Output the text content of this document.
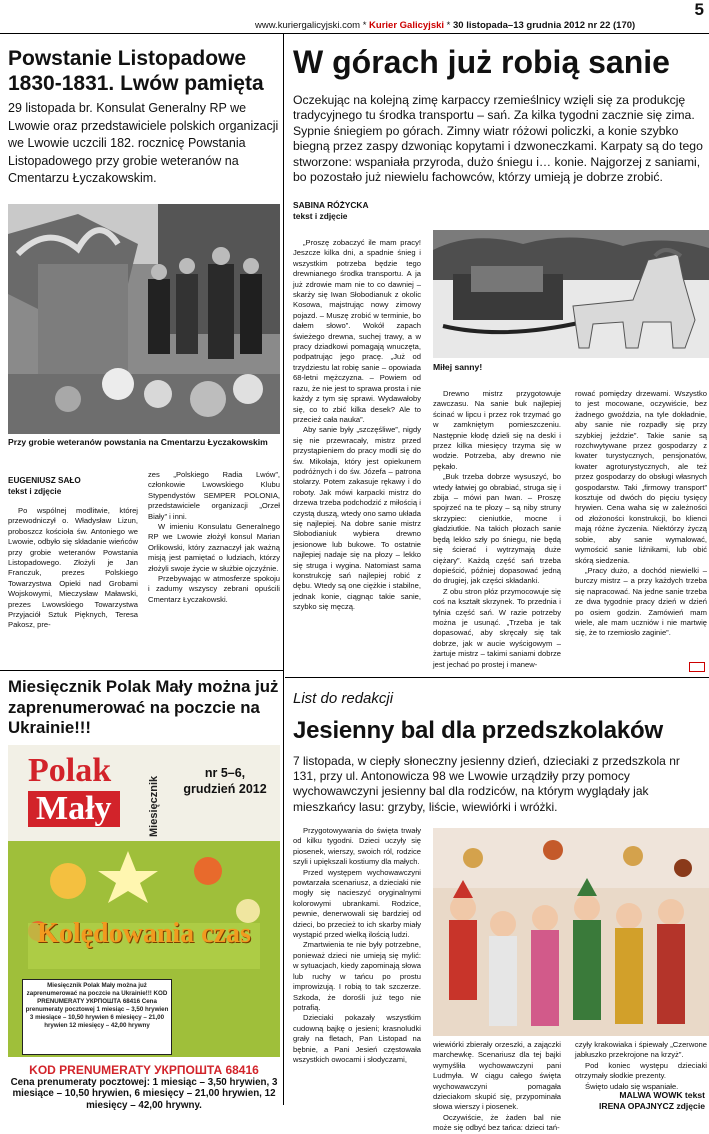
www.kuriergalicyjski.com * Kurier Galicyjski * 30 listopada–13 grudnia 2012 nr 22 (170)
5
Powstanie Listopadowe 1830-1831. Lwów pamięta
29 listopada br. Konsulat Generalny RP we Lwowie oraz przedstawiciele polskich organizacji we Lwowie uczcili 182. rocznicę Powstania Listopadowego przy grobie weteranów na Cmentarzu Łyczakowskim.
Przy grobie weteranów powstania na Cmentarzu Łyczakowskim
EUGENIUSZ SAŁO
tekst i zdjęcie

Po wspólnej modlitwie, której przewodniczył o. Władysław Lizun, proboszcz kościoła św. Antoniego we Lwowie, odbyło się składanie wieńców przy grobie weteranów Powstania Listopadowego. Złożyli je Jan Franczuk, prezes Polskiego Towarzystwa Opieki nad Grobami Wojskowymi, Mieczysław Maławski, prezes Lwowskiego Towarzystwa Przyjaciół Sztuk Pięknych, Teresa Pakosz, pre-

zes „Polskiego Radia Lwów”, członkowie Lwowskiego Klubu Stypendystów SEMPER POLONIA, przedstawiciele organizacji „Orzeł Biały” i inni.

W imieniu Konsulatu Generalnego RP we Lwowie złożył konsul Marian Orlikowski, który zaznaczył jak ważną misją jest pamiętać o ludziach, którzy złożyli swoje życie w służbie ojczyźnie.

Przebywając w atmosferze spokoju i zadumy wszyscy zebrani opuścili Cmentarz Łyczakowski.

Miesięcznik Polak Mały można już zaprenumerować na poczcie na Ukrainie!!!
Polak
Mały	Miesięcznik
nr 5–6, grudzień 2012
Kolędowania czas
Miesięcznik Polak Mały można już zaprenumerować na poczcie na Ukrainie!!! KOD PRENUMERATY УКРПОШТА 68416 Cena prenumeraty pocztowej 1 miesiąc – 3,50 hrywien 3 miesiące – 10,50 hrywien 6 miesięcy – 21,00 hrywien 12 miesięcy – 42,00 hrywny
KOD PRENUMERATY УКРПОШТА 68416
Cena prenumeraty pocztowej: 1 miesiąc – 3,50 hrywien, 3 miesiące – 10,50 hrywien, 6 miesięcy – 21,00 hrywien, 12 miesięcy – 42,00 hrywny.
W górach już robią sanie
Oczekując na kolejną zimę karpaccy rzemieślnicy wzięli się za produkcję tradycyjnego tu środka transportu – sań. Za kilka tygodni zacznie się zima. Sypnie śniegiem po górach. Zimny wiatr różowi policzki, a konie szybko biegną przez zaspy dzwoniąc kopytami i dzwoneczkami. Karpaty są do tego stworzone: wspaniała przyroda, dużo śniegu i… konie. Najgorzej z saniami, bo pozostało już niewielu fachowców, którzy umieją je dobrze zrobić.
SABINA RÓŻYCKA
tekst i zdjęcie

„Proszę zobaczyć ile mam pracy! Jeszcze kilka dni, a spadnie śnieg i wszystkim potrzeba będzie tego drewnianego środka transportu. A ja już zdrowie mam nie to co dawniej – skarży się Iwan Słobodianuk z okolic Kosowa, majstrując nowy zimowy pojazd. – Muszę zrobić w terminie, bo dałem słowo”. Wokół zapach świeżego drewna, suchej trawy, a w pracy dziadkowi pomagają wnuczęta, podpatrując jego pracę. „Już od trzydziestu lat robię sanie – opowiada 68-letni mężczyzna. – Powiem od razu, że nie jest to sprawa prosta i nie każdy z tym się sprawi. Wydawałoby się, co to zbić kilka desek? Ale to przecież cała nauka”.

Aby sanie były „szczęśliwe”, nigdy się nie przewracały, mistrz przed przystąpieniem do pracy modli się do św. Mikołaja, który jest opiekunem podróżnych i do św. Józefa – patrona stolarzy. Potem zakasuje rękawy i do roboty. Jak mówi karpacki mistrz do drzewa trzeba podchodzić z miłością i czystą duszą, wtedy ono samo układa się najlepiej. Na dobre sanie mistrz Słobodianiuk wybiera drewno jesionowe lub bukowe. To ostatnie najlepiej nadaje się na płozy – lekko się struga i wygina. Natomiast sama konstrukcję sań najlepiej robić z dębu. Wtedy są one ciężkie i stabilne, jednak konie, ciągnąc takie sanie, szybko się męczą.

Miłej sanny!

Drewno mistrz przygotowuje zawczasu. Na sanie buk najlepiej ścinać w lipcu i przez rok trzymać go w zamkniętym pomieszczeniu. Następnie kłodę dzieli się na deski i przez kilka miesięcy trzyma się w wodzie. Potrzeba, aby drewno nie pękało.

„Buk trzeba dobrze wysuszyć, bo wtedy łatwiej go obrabiać, struga się i zbija – mówi pan Iwan. – Proszę spojrzeć na te płozy – są niby struny skrzypiec: cieniutkie, mocne i gładziutkie. Na takich płozach sanie będą lekko szły po śniegu, nie będą się ścierać i wytrzymają duże ciężary”. Każdą część sań trzeba dopieścić, później dopasować jedną do drugiej, jak części składanki.

Z obu stron płóz przymocowuje się coś na kształt skrzynek. To przednia i tylnia część sań. W razie potrzeby można je usunąć. „Trzeba je tak dopasować, aby skręcały się tak dobrze, jak w aucie wyścigowym – żartuje mistrz – takimi saniami dobrze jest jechać po prostej i manew-

rować pomiędzy drzewami. Wszystko to jest mocowane, oczywiście, bez żadnego gwoździa, na tyle dokładnie, aby sanie nie rozpadły się przy szybkiej jeździe”. Takie sanie są rozchwytywane przez gospodarzy z kwater turystycznych, pensjonatów, kwater agroturystycznych, ale też przez gospodarzy do obsługi własnych gospodarstw. Taki „firmowy transport” kosztuje od dwóch do pięciu tysięcy hrywien. Cena waha się w zależności od złożoności konstrukcji, bo klienci mają różne życzenia. Niektórzy życzą sobie, aby sanie wymalować, wymościć sanie liźnikami, lub obić skórą siedzenia.

„Pracy dużo, a dochód niewielki – burczy mistrz – a przy każdych trzeba się napracować. Na jedne sanie trzeba ze dwa tygodnie pracy dzień w dzień po osiem godzin. Zamówień mam wiele, ale mam uczniów i nie martwię się, że to rzemiosło zaginie”.

List do redakcji
Jesienny bal dla przedszkolaków
7 listopada, w ciepły słoneczny jesienny dzień, dzieciaki z przedszkola nr 131, przy ul. Antonowicza 98 we Lwowie urządziły przy pomocy wychowawczyni jesienny bal dla rodziców, na którym wyglądały jak mieszkańcy lasu: grzyby, liście, wiewiórki i wróżki.

Przygotowywania do święta trwały od kilku tygodni. Dzieci uczyły się piosenek, wierszy, swoich ról, rodzice szyli i upiększali kostiumy dla małych.

Przed występem wychowawczyni powtarzała scenariusz, a dzieciaki nie mogły się nacieszyć oryginalnymi kolorowymi ubrankami. Rodzice, pewnie, denerwowali się bardziej od dzieci, bo przecież to ich skarby miały wystąpić przed wielką ilością ludzi.

Zmartwienia te nie były potrzebne, ponieważ dzieci nie umieją się mylić: w sytuacjach, kiedy zapominają słowa lub ruchy w tańcu po prostu improwizują. I robią to tak szczerze. Szkoda, że dorośli już tego nie potrafią.

Dzieciaki pokazały wszystkim cudowną bajkę o jesieni; krasnoludki grały na fletach, Pan Listopad na bębnie, a Pani Jesień częstowała wszystkich owocami i słodyczami,

wiewiórki zbierały orzeszki, a zajączki marchewkę. Scenariusz dla tej bajki wymyśliła wychowawczyni pani Ludmyła. W ciągu całego święta wychowawczyni pomagała dzieciakom skupić się, przypominała słowa wierszy i piosenek.

Oczywiście, że żaden bal nie może się odbyć bez tańca: dzieci tań-

czyły krakowiaka i śpiewały „Czerwone jabłuszko przekrojone na krzyż”.

Pod koniec występu dzieciaki otrzymały słodkie prezenty.

Święto udało się wspaniałe.

MALWA WOWK tekst
IRENA OPAJNYCZ zdjęcie
